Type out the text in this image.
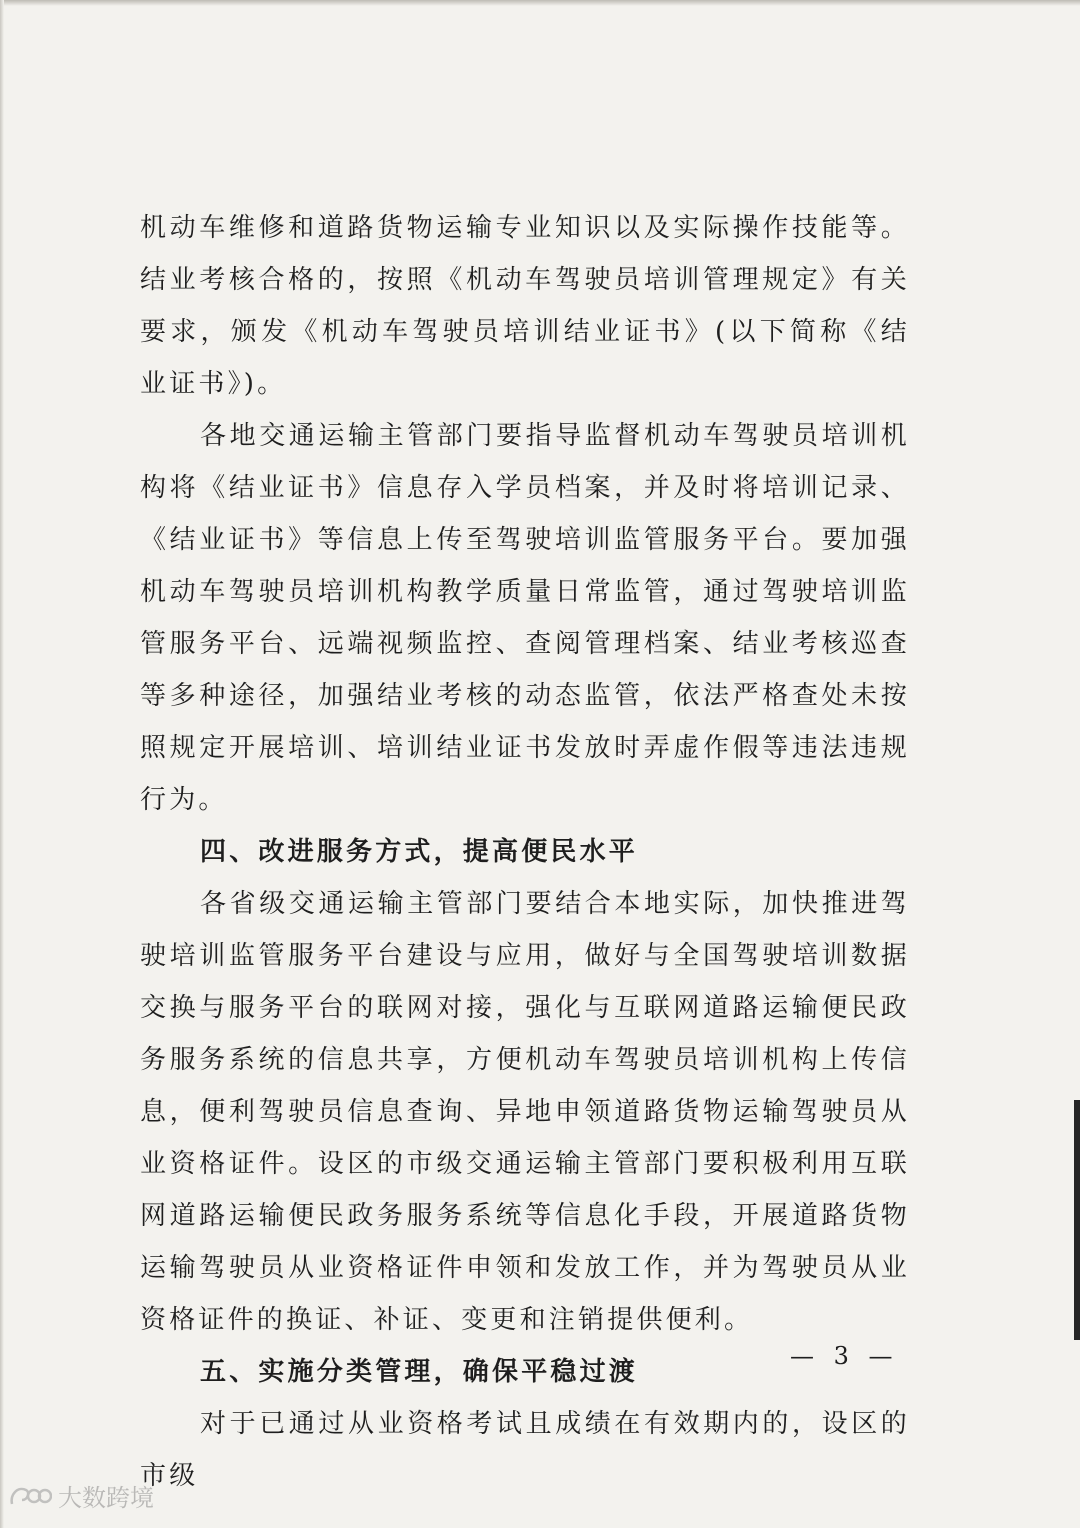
机动车维修和道路货物运输专业知识以及实际操作技能等。结业考核合格的，按照《机动车驾驶员培训管理规定》有关要求，颁发《机动车驾驶员培训结业证书》(以下简称《结业证书》)。

各地交通运输主管部门要指导监督机动车驾驶员培训机构将《结业证书》信息存入学员档案，并及时将培训记录、《结业证书》等信息上传至驾驶培训监管服务平台。要加强机动车驾驶员培训机构教学质量日常监管，通过驾驶培训监管服务平台、远端视频监控、查阅管理档案、结业考核巡查等多种途径，加强结业考核的动态监管，依法严格查处未按照规定开展培训、培训结业证书发放时弄虚作假等违法违规行为。

四、改进服务方式，提高便民水平

各省级交通运输主管部门要结合本地实际，加快推进驾驶培训监管服务平台建设与应用，做好与全国驾驶培训数据交换与服务平台的联网对接，强化与互联网道路运输便民政务服务系统的信息共享，方便机动车驾驶员培训机构上传信息，便利驾驶员信息查询、异地申领道路货物运输驾驶员从业资格证件。设区的市级交通运输主管部门要积极利用互联网道路运输便民政务服务系统等信息化手段，开展道路货物运输驾驶员从业资格证件申领和发放工作，并为驾驶员从业资格证件的换证、补证、变更和注销提供便利。

五、实施分类管理，确保平稳过渡

对于已通过从业资格考试且成绩在有效期内的，设区的市级

— 3 —
大数跨境
